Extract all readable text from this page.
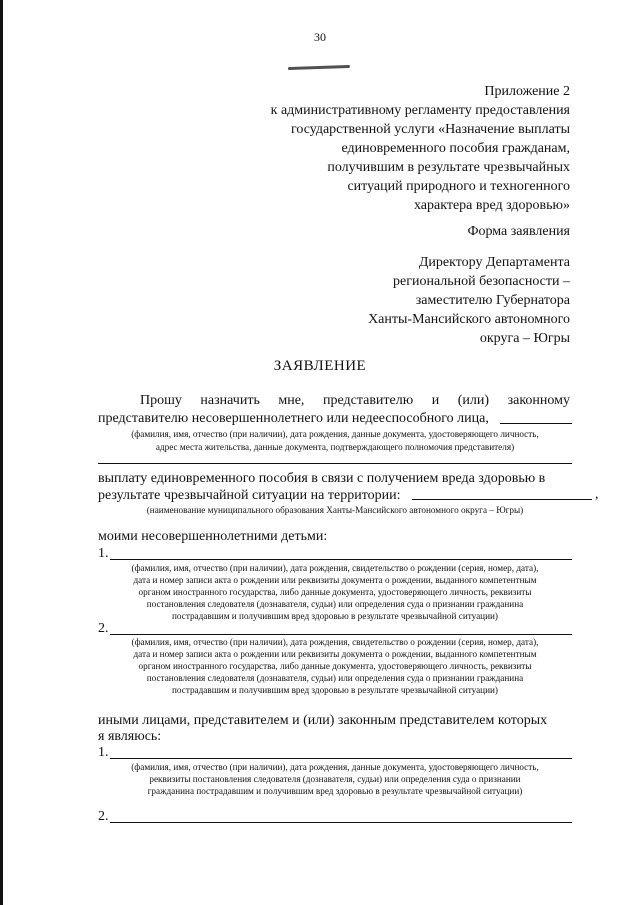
30
Приложение 2
к административному регламенту предоставления
государственной услуги «Назначение выплаты
единовременного пособия гражданам,
получившим в результате чрезвычайных
ситуаций природного и техногенного
характера вред здоровью»
Форма заявления
Директору Департамента
региональной безопасности –
заместителю Губернатора
Ханты-Мансийского автономного
округа – Югры
ЗАЯВЛЕНИЕ
Прошу назначить мне, представителю и (или) законному
представителю несовершеннолетнего или недееспособного лица,
(фамилия, имя, отчество (при наличии), дата рождения, данные документа, удостоверяющего личность,
адрес места жительства, данные документа, подтверждающего полномочия представителя)
выплату единовременного пособия в связи с получением вреда здоровью в
результате чрезвычайной ситуации на территории:	,
(наименование муниципального образования Ханты-Мансийского автономного округа – Югры)
моими несовершеннолетними детьми:
1.
(фамилия, имя, отчество (при наличии), дата рождения, свидетельство о рождении (серия, номер, дата),
дата и номер записи акта о рождении или реквизиты документа о рождении, выданного компетентным
органом иностранного государства, либо данные документа, удостоверяющего личность, реквизиты
постановления следователя (дознавателя, судьи) или определения суда о признании гражданина
пострадавшим и получившим вред здоровью в результате чрезвычайной ситуации)
2.
(фамилия, имя, отчество (при наличии), дата рождения, свидетельство о рождении (серия, номер, дата),
дата и номер записи акта о рождении или реквизиты документа о рождении, выданного компетентным
органом иностранного государства, либо данные документа, удостоверяющего личность, реквизиты
постановления следователя (дознавателя, судьи) или определения суда о признании гражданина
пострадавшим и получившим вред здоровью в результате чрезвычайной ситуации)
иными лицами, представителем и (или) законным представителем которых
я являюсь:
1.
(фамилия, имя, отчество (при наличии), дата рождения, данные документа, удостоверяющего личность,
реквизиты постановления следователя (дознавателя, судьи) или определения суда о признании
гражданина пострадавшим и получившим вред здоровью в результате чрезвычайной ситуации)
2.
